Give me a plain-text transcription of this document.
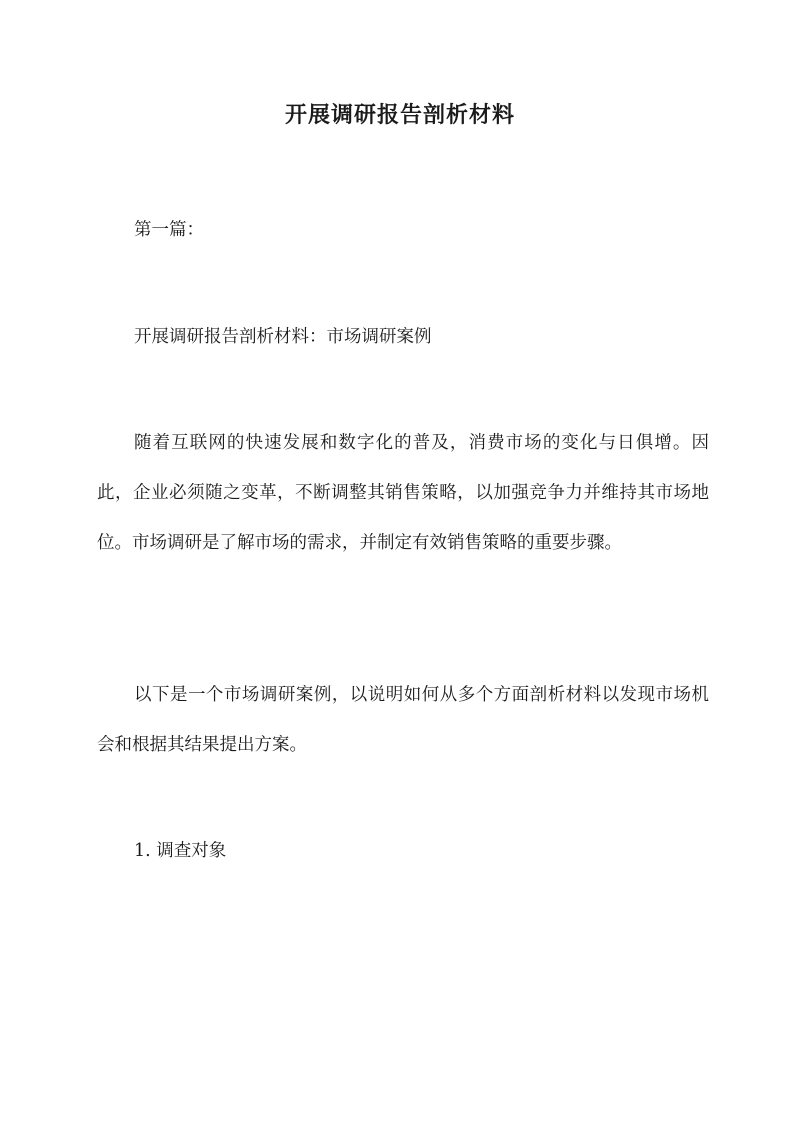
开展调研报告剖析材料

第一篇：

开展调研报告剖析材料：市场调研案例

随着互联网的快速发展和数字化的普及，消费市场的变化与日俱增。因此，企业必须随之变革，不断调整其销售策略，以加强竞争力并维持其市场地位。市场调研是了解市场的需求，并制定有效销售策略的重要步骤。

以下是一个市场调研案例，以说明如何从多个方面剖析材料以发现市场机会和根据其结果提出方案。

1. 调查对象
